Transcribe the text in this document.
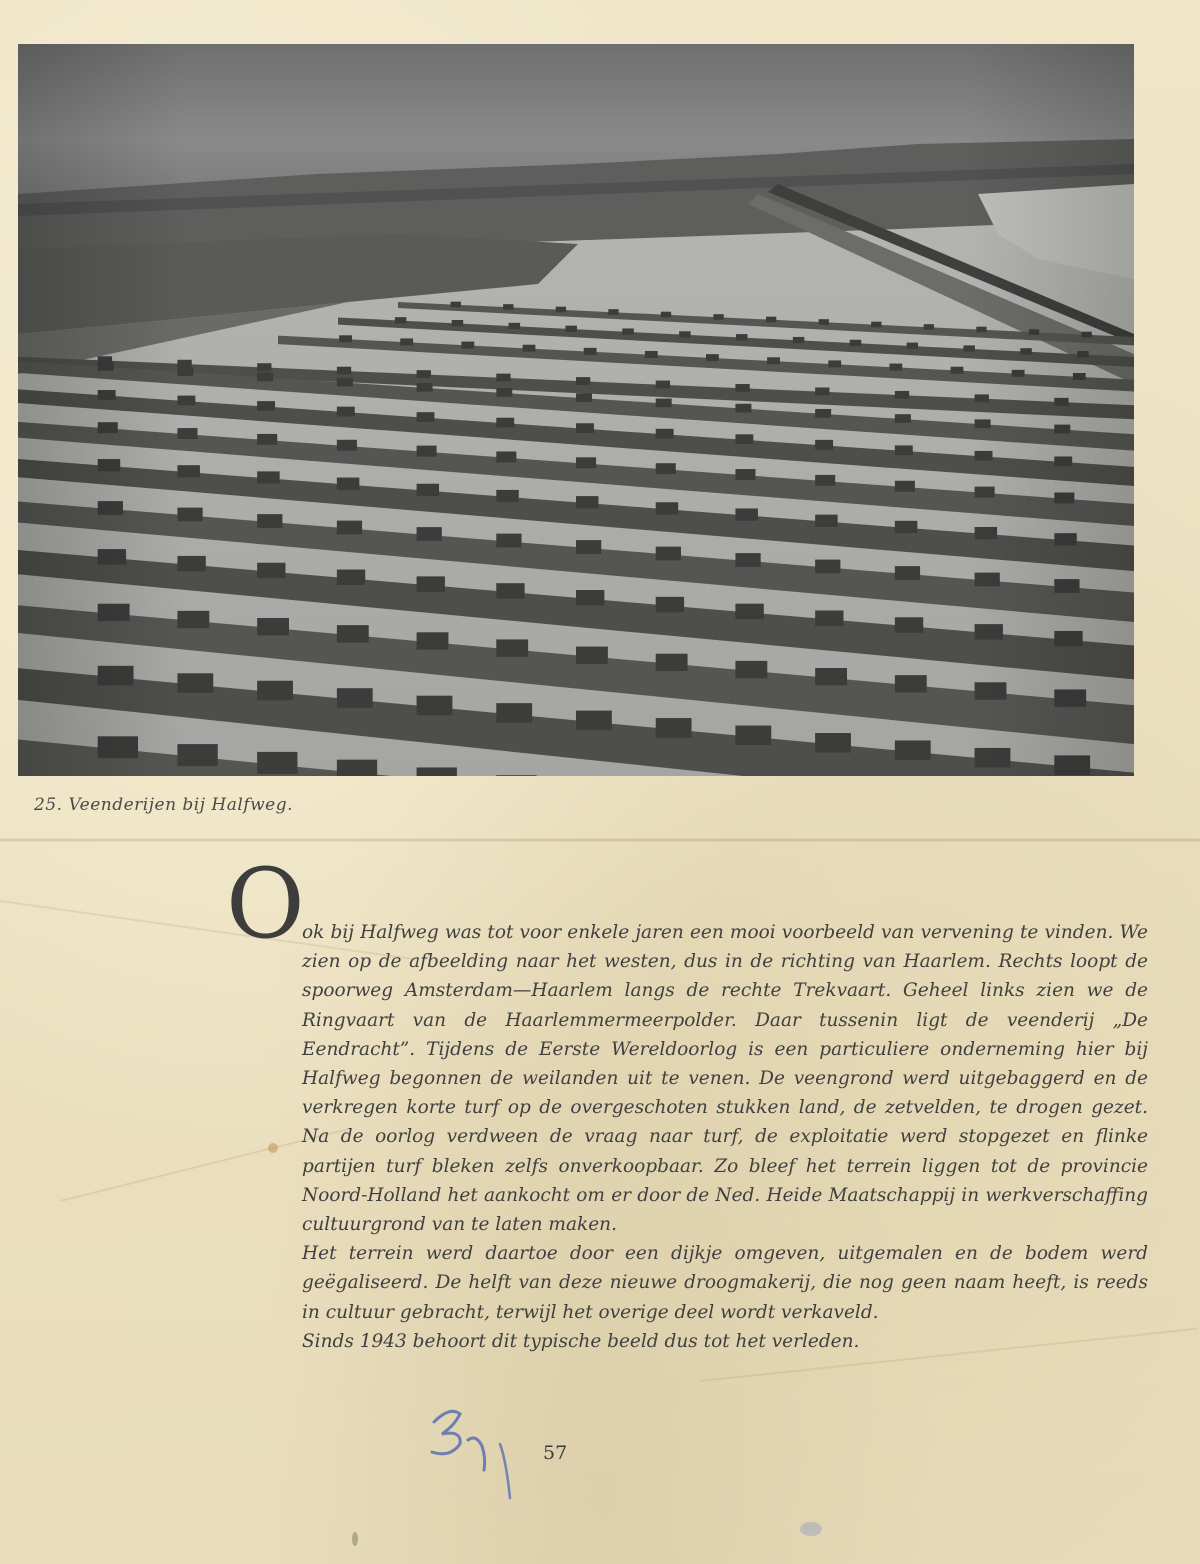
25. Veenderijen bij Halfweg.
O

ok bij Halfweg was tot voor enkele jaren een mooi voorbeeld van vervening te vinden. We zien op de afbeelding naar het westen, dus in de richting van Haarlem. Rechts loopt de spoorweg Amsterdam—Haarlem langs de rechte Trekvaart. Geheel links zien we de Ringvaart van de Haarlemmermeerpolder. Daar tussenin ligt de veenderij „De Eendracht”. Tijdens de Eerste Wereldoorlog is een particuliere onderneming hier bij Halfweg begonnen de weilanden uit te venen. De veengrond werd uitgebaggerd en de verkregen korte turf op de overgeschoten stukken land, de zetvelden, te drogen gezet. Na de oorlog verdween de vraag naar turf, de exploitatie werd stopgezet en flinke partijen turf bleken zelfs onverkoopbaar. Zo bleef het terrein liggen tot de provincie Noord-Holland het aankocht om er door de Ned. Heide Maatschappij in werkverschaffing cultuurgrond van te laten maken.

Het terrein werd daartoe door een dijkje omgeven, uitgemalen en de bodem werd geëgaliseerd. De helft van deze nieuwe droogmakerij, die nog geen naam heeft, is reeds in cultuur gebracht, terwijl het overige deel wordt verkaveld.

Sinds 1943 behoort dit typische beeld dus tot het verleden.

57
